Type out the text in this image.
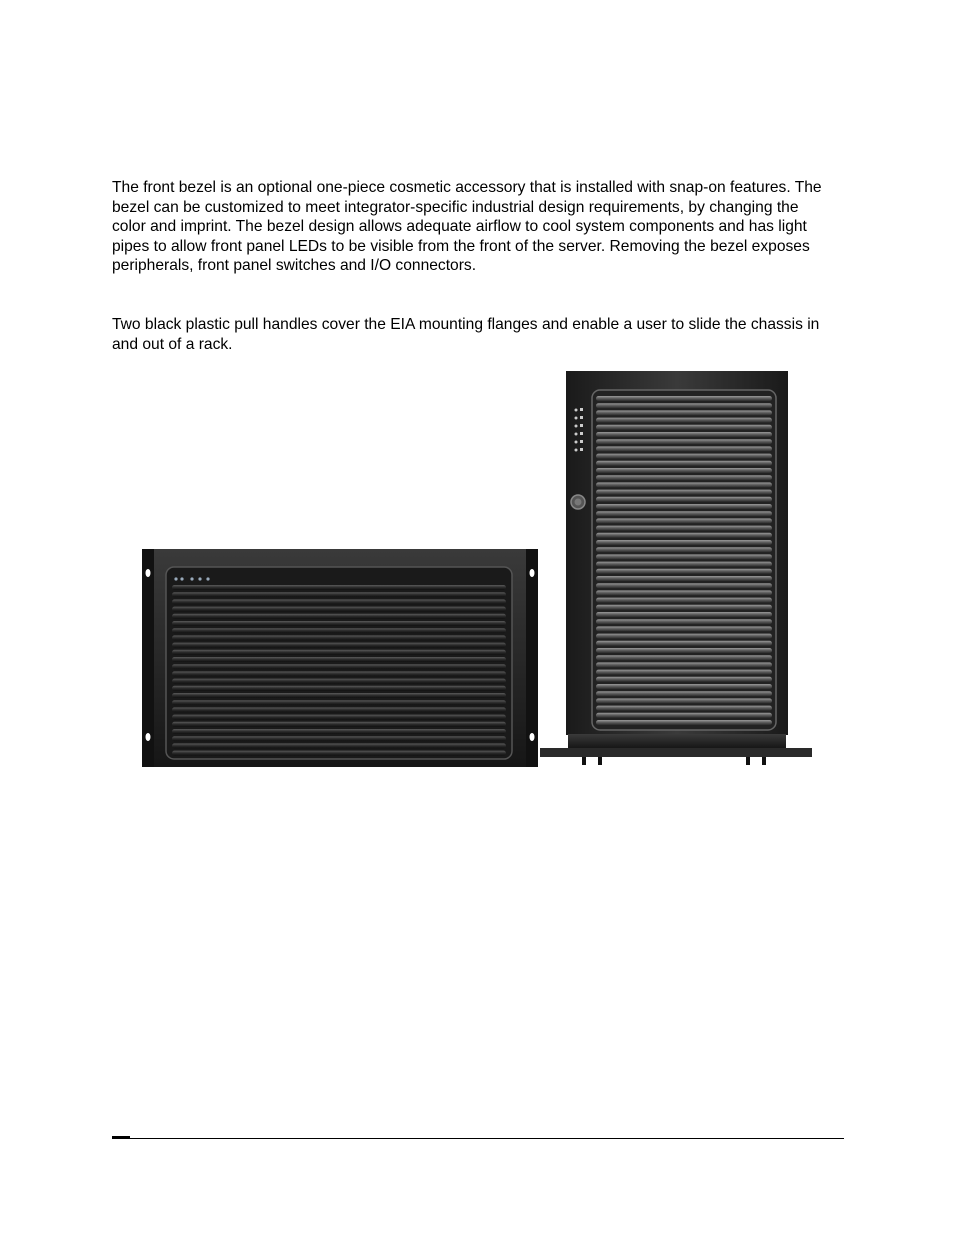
The front bezel is an optional one-piece cosmetic accessory that is installed with snap-on features. The bezel can be customized to meet integrator-specific industrial design requirements, by changing the color and imprint. The bezel design allows adequate airflow to cool system components and has light pipes to allow front panel LEDs to be visible from the front of the server. Removing the bezel exposes peripherals, front panel switches and I/O connectors.

Two black plastic pull handles cover the EIA mounting flanges and enable a user to slide the chassis in and out of a rack.
